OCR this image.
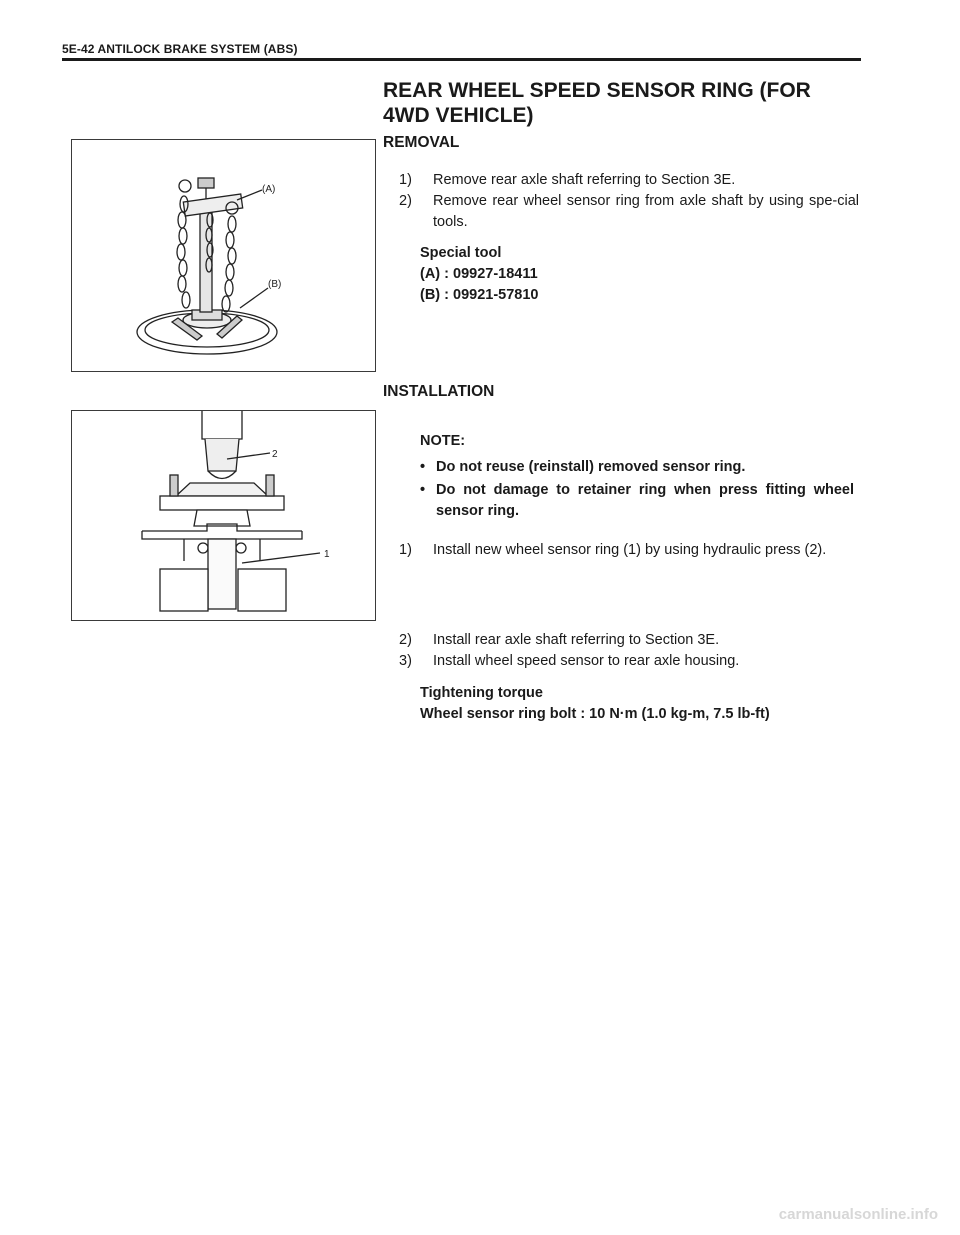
5E-42 ANTILOCK BRAKE SYSTEM (ABS)
REAR WHEEL SPEED SENSOR RING (FOR 4WD VEHICLE)
REMOVAL
(A)
(B)
1)	Remove rear axle shaft referring to Section 3E.
2)	Remove rear wheel sensor ring from axle shaft by using spe-cial tools.
Special tool
(A) : 09927-18411
(B) : 09921-57810
INSTALLATION
2
1
NOTE:
• Do not reuse (reinstall) removed sensor ring.
• Do not damage to retainer ring when press fitting wheel sensor ring.
1)	Install new wheel sensor ring (1) by using hydraulic press (2).
2)	Install rear axle shaft referring to Section 3E.
3)	Install wheel speed sensor to rear axle housing.
Tightening torque
Wheel sensor ring bolt : 10 N·m (1.0 kg-m, 7.5 lb-ft)
carmanualsonline.info
